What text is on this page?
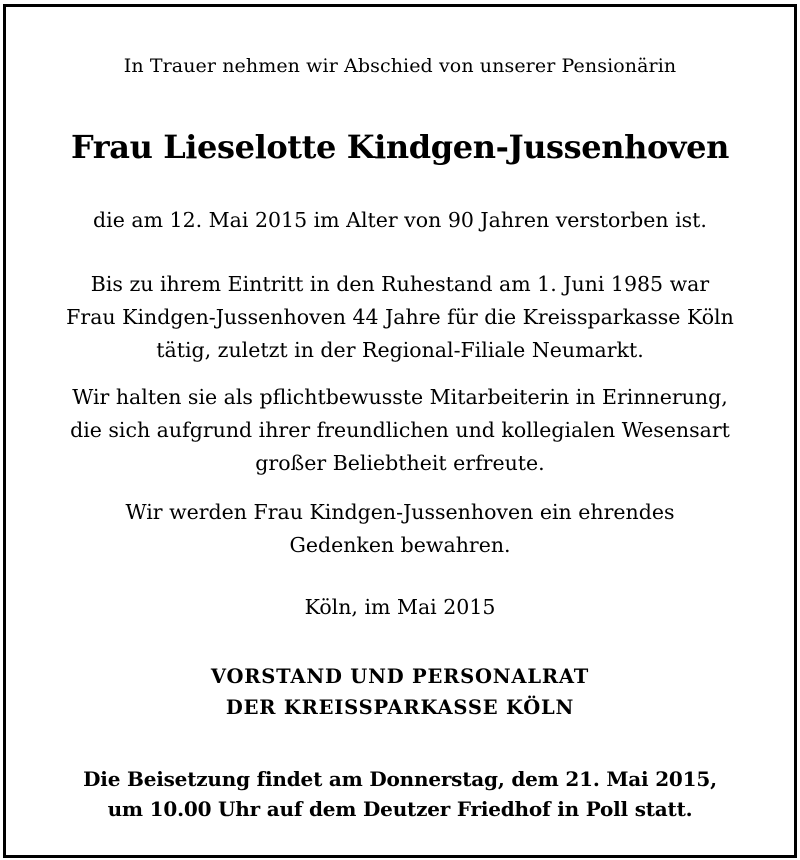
In Trauer nehmen wir Abschied von unserer Pensionärin
Frau Lieselotte Kindgen-Jussenhoven
die am 12. Mai 2015 im Alter von 90 Jahren verstorben ist.
Bis zu ihrem Eintritt in den Ruhestand am 1. Juni 1985 war
Frau Kindgen-Jussenhoven 44 Jahre für die Kreissparkasse Köln
tätig, zuletzt in der Regional-Filiale Neumarkt.
Wir halten sie als pflichtbewusste Mitarbeiterin in Erinnerung,
die sich aufgrund ihrer freundlichen und kollegialen Wesensart
großer Beliebtheit erfreute.
Wir werden Frau Kindgen-Jussenhoven ein ehrendes
Gedenken bewahren.
Köln, im Mai 2015
VORSTAND UND PERSONALRAT
DER KREISSPARKASSE KÖLN
Die Beisetzung findet am Donnerstag, dem 21. Mai 2015,
um 10.00 Uhr auf dem Deutzer Friedhof in Poll statt.
